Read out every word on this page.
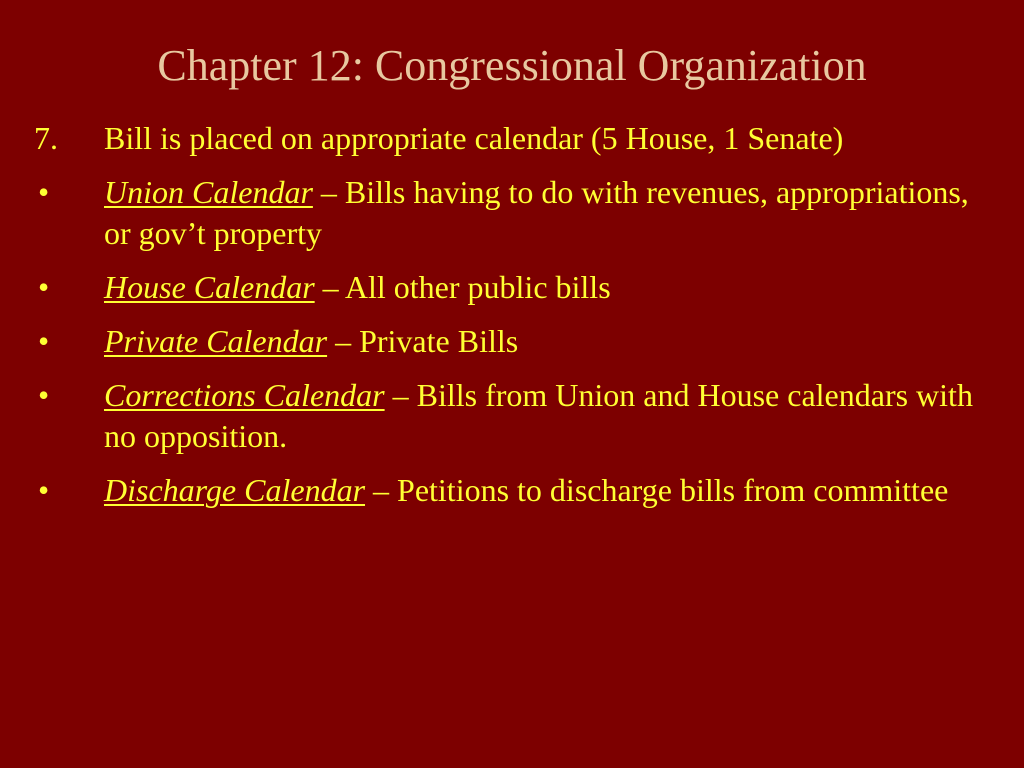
Chapter 12: Congressional Organization
7.	Bill is placed on appropriate calendar (5 House, 1 Senate)
•	Union Calendar – Bills having to do with revenues, appropriations, or gov’t property
•	House Calendar – All other public bills
•	Private Calendar – Private Bills
•	Corrections Calendar – Bills from Union and House calendars with no opposition.
•	Discharge Calendar – Petitions to discharge bills from committee
